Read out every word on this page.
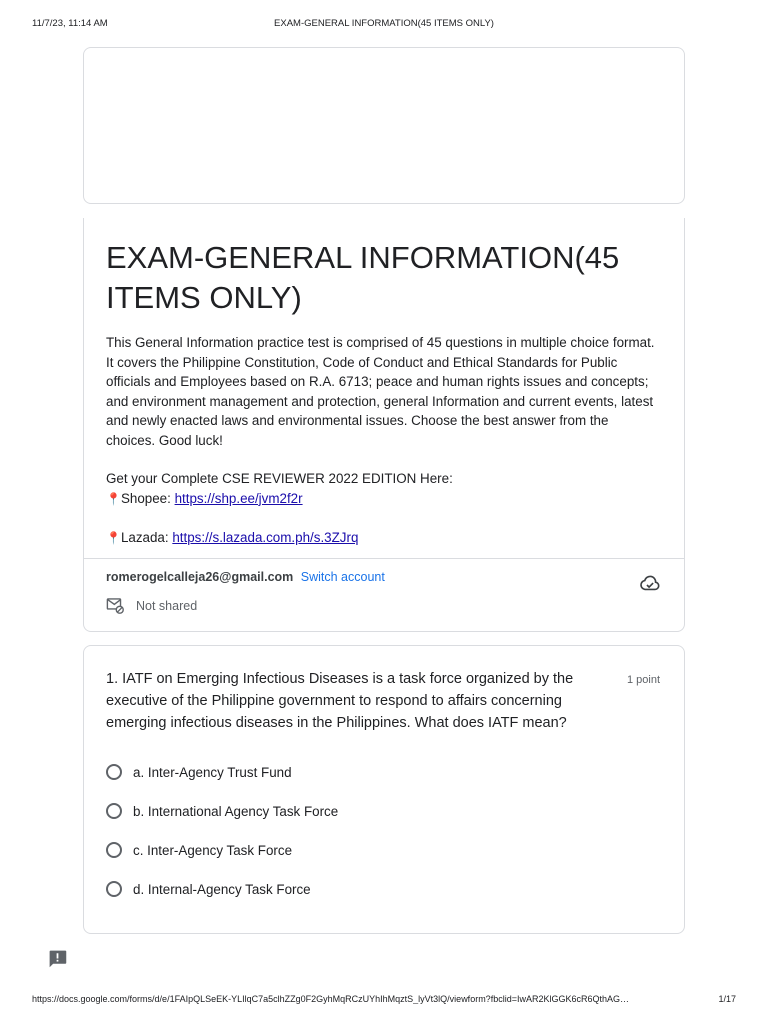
11/7/23, 11:14 AM	EXAM-GENERAL INFORMATION(45 ITEMS ONLY)
EXAM-GENERAL INFORMATION(45 ITEMS ONLY)

This General Information practice test is comprised of 45 questions in multiple choice format. It covers the Philippine Constitution, Code of Conduct and Ethical Standards for Public officials and Employees based on R.A. 6713; peace and human rights issues and concepts; and environment management and protection, general Information and current events, latest and newly enacted laws and environmental issues. Choose the best answer from the choices. Good luck!

Get your Complete CSE REVIEWER 2022 EDITION Here:

📍Shopee: https://shp.ee/jvm2f2r

📍Lazada: https://s.lazada.com.ph/s.3ZJrq

romerogelcalleja26@gmail.com Switch account
Not shared
1. IATF on Emerging Infectious Diseases is a task force organized by the executive of the Philippine government to respond to affairs concerning emerging infectious diseases in the Philippines. What does IATF mean?
1 point
a. Inter-Agency Trust Fund
b. International Agency Task Force
c. Inter-Agency Task Force
d. Internal-Agency Task Force
https://docs.google.com/forms/d/e/1FAIpQLSeEK-YLIlqC7a5clhZZg0F2GyhMqRCzUYhIhMqztS_lyVt3lQ/viewform?fbclid=IwAR2KlGGK6cR6QthAG…	1/17
